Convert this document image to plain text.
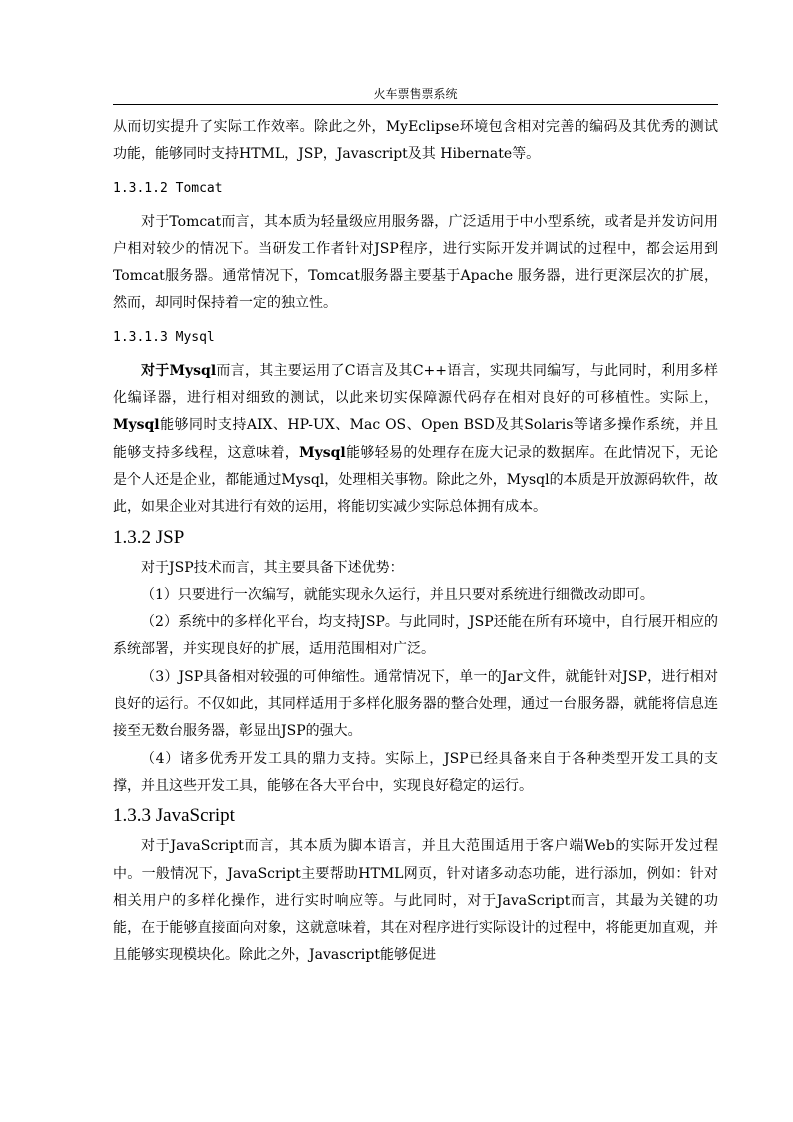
火车票售票系统

从而切实提升了实际工作效率。除此之外，MyEclipse环境包含相对完善的编码及其优秀的测试功能，能够同时支持HTML，JSP，Javascript及其 Hibernate等。

1.3.1.2 Tomcat

对于Tomcat而言，其本质为轻量级应用服务器，广泛适用于中小型系统，或者是并发访问用户相对较少的情况下。当研发工作者针对JSP程序，进行实际开发并调试的过程中，都会运用到Tomcat服务器。通常情况下，Tomcat服务器主要基于Apache 服务器，进行更深层次的扩展，然而，却同时保持着一定的独立性。

1.3.1.3 Mysql

对于Mysql而言，其主要运用了C语言及其C++语言，实现共同编写，与此同时，利用多样化编译器，进行相对细致的测试，以此来切实保障源代码存在相对良好的可移植性。实际上，Mysql能够同时支持AIX、HP-UX、Mac OS、Open BSD及其Solaris等诸多操作系统，并且能够支持多线程，这意味着，Mysql能够轻易的处理存在庞大记录的数据库。在此情况下，无论是个人还是企业，都能通过Mysql，处理相关事物。除此之外，Mysql的本质是开放源码软件，故此，如果企业对其进行有效的运用，将能切实减少实际总体拥有成本。

1.3.2 JSP

对于JSP技术而言，其主要具备下述优势：

（1）只要进行一次编写，就能实现永久运行，并且只要对系统进行细微改动即可。

（2）系统中的多样化平台，均支持JSP。与此同时，JSP还能在所有环境中，自行展开相应的系统部署，并实现良好的扩展，适用范围相对广泛。

（3）JSP具备相对较强的可伸缩性。通常情况下，单一的Jar文件，就能针对JSP，进行相对良好的运行。不仅如此，其同样适用于多样化服务器的整合处理，通过一台服务器，就能将信息连接至无数台服务器，彰显出JSP的强大。

（4）诸多优秀开发工具的鼎力支持。实际上，JSP已经具备来自于各种类型开发工具的支撑，并且这些开发工具，能够在各大平台中，实现良好稳定的运行。

1.3.3 JavaScript

对于JavaScript而言，其本质为脚本语言，并且大范围适用于客户端Web的实际开发过程中。一般情况下，JavaScript主要帮助HTML网页，针对诸多动态功能，进行添加，例如：针对相关用户的多样化操作，进行实时响应等。与此同时，对于JavaScript而言，其最为关键的功能，在于能够直接面向对象，这就意味着，其在对程序进行实际设计的过程中，将能更加直观，并且能够实现模块化。除此之外，Javascript能够促进
